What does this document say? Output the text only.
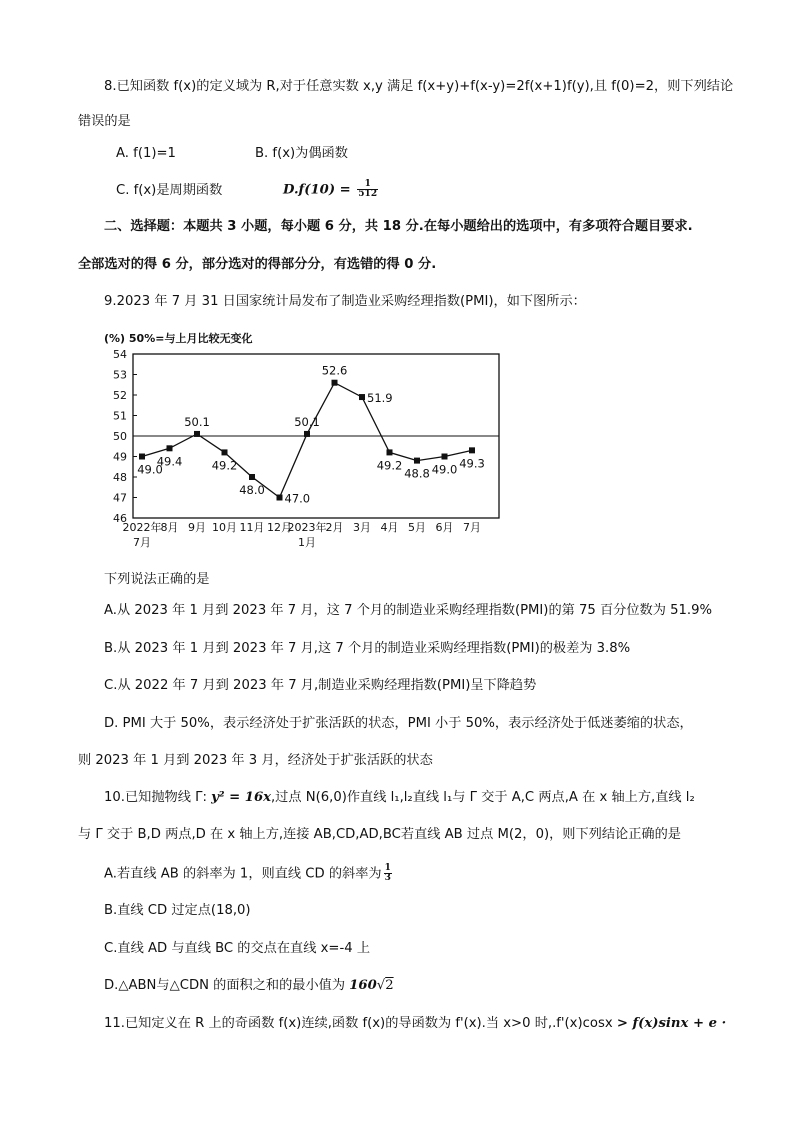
8.已知函数 f(x)的定义域为 R,对于任意实数 x,y 满足 f(x+y)+f(x-y)=2f(x+1)f(y),且 f(0)=2，则下列结论
错误的是
A. f(1)=1	B. f(x)为偶函数
C. f(x)是周期函数	$D.f(10) = \frac{1}{512}$
二、选择题：本题共 3 小题，每小题 6 分，共 18 分.在每小题给出的选项中，有多项符合题目要求.
全部选对的得 6 分，部分选对的得部分分，有选错的得 0 分.
9.2023 年 7 月 31 日国家统计局发布了制造业采购经理指数(PMI)，如下图所示：
(%) 50%=与上月比较无变化
46
47
48
49
50
51
52
53
54
49.0
49.4
50.1
49.2
48.0
47.0
50.1
52.6
51.9
49.2
48.8 49.0 49.3
2022年
7月
8月 9月 10月 11月 12月
2023年
1月
2月 3月 4月 5月 6月 7月
下列说法正确的是
A.从 2023 年 1 月到 2023 年 7 月，这 7 个月的制造业采购经理指数(PMI)的第 75 百分位数为 51.9%
B.从 2023 年 1 月到 2023 年 7 月,这 7 个月的制造业采购经理指数(PMI)的极差为 3.8%
C.从 2022 年 7 月到 2023 年 7 月,制造业采购经理指数(PMI)呈下降趋势
D. PMI 大于 50%，表示经济处于扩张活跃的状态，PMI 小于 50%，表示经济处于低迷萎缩的状态，
则 2023 年 1 月到 2023 年 3 月，经济处于扩张活跃的状态
10.已知抛物线 Γ: y² = 16x,过点 N(6,0)作直线 l₁,l₂直线 l₁与 Γ 交于 A,C 两点,A 在 x 轴上方,直线 l₂
与 Γ 交于 B,D 两点,D 在 x 轴上方,连接 AB,CD,AD,BC若直线 AB 过点 M(2，0)，则下列结论正确的是
A.若直线 AB 的斜率为 1，则直线 CD 的斜率为 $\frac{1}{3}$
B.直线 CD 过定点(18,0)
C.直线 AD 与直线 BC 的交点在直线 x=-4 上
D.△ABN与△CDN 的面积之和的最小值为 160√2
11.已知定义在 R 上的奇函数 f(x)连续,函数 f(x)的导函数为 f'(x).当 x>0 时,.f'(x)cosx > f(x)sinx + e ·
